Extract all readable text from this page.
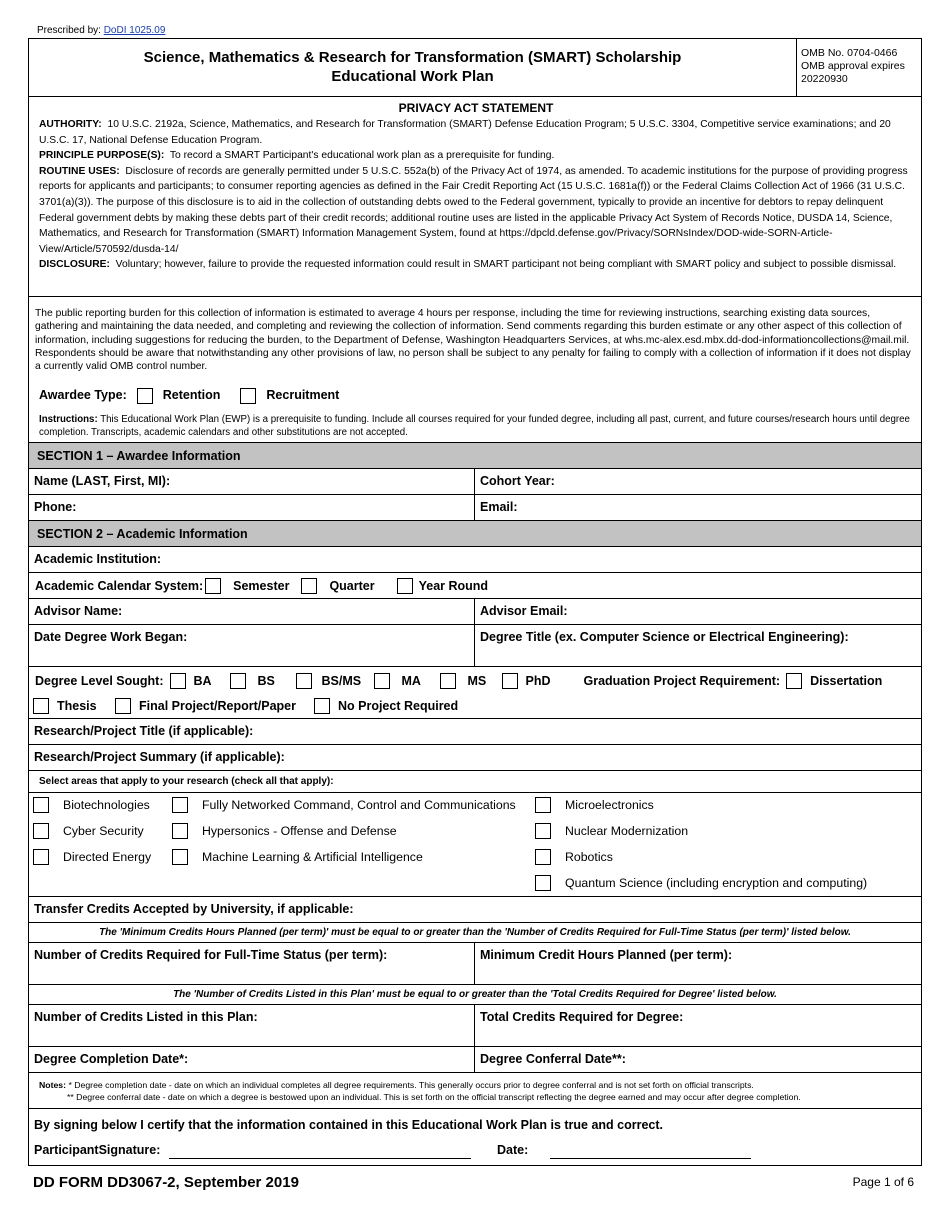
Prescribed by: DoDI 1025.09
Science, Mathematics & Research for Transformation (SMART) Scholarship
Educational Work Plan
OMB No. 0704-0466
OMB approval expires
20220930
PRIVACY ACT STATEMENT
AUTHORITY: 10 U.S.C. 2192a, Science, Mathematics, and Research for Transformation (SMART) Defense Education Program; 5 U.S.C. 3304, Competitive service examinations; and 20 U.S.C. 17, National Defense Education Program.
PRINCIPLE PURPOSE(S): To record a SMART Participant's educational work plan as a prerequisite for funding.
ROUTINE USES: Disclosure of records are generally permitted under 5 U.S.C. 552a(b) of the Privacy Act of 1974, as amended. To academic institutions for the purpose of providing progress reports for applicants and participants; to consumer reporting agencies as defined in the Fair Credit Reporting Act (15 U.S.C. 1681a(f)) or the Federal Claims Collection Act of 1966 (31 U.S.C. 3701(a)(3)). The purpose of this disclosure is to aid in the collection of outstanding debts owed to the Federal government, typically to provide an incentive for debtors to repay delinquent Federal government debts by making these debts part of their credit records; additional routine uses are listed in the applicable Privacy Act System of Records Notice, DUSDA 14, Science, Mathematics, and Research for Transformation (SMART) Information Management System, found at https://dpcld.defense.gov/Privacy/SORNsIndex/DOD-wide-SORN-Article-View/Article/570592/dusda-14/
DISCLOSURE: Voluntary; however, failure to provide the requested information could result in SMART participant not being compliant with SMART policy and subject to possible dismissal.
The public reporting burden for this collection of information is estimated to average 4 hours per response, including the time for reviewing instructions, searching existing data sources, gathering and maintaining the data needed, and completing and reviewing the collection of information. Send comments regarding this burden estimate or any other aspect of this collection of information, including suggestions for reducing the burden, to the Department of Defense, Washington Headquarters Services, at whs.mc-alex.esd.mbx.dd-dod-informationcollections@mail.mil. Respondents should be aware that notwithstanding any other provisions of law, no person shall be subject to any penalty for failing to comply with a collection of information if it does not display a currently valid OMB control number.
Awardee Type:	Retention	Recruitment
Instructions: This Educational Work Plan (EWP) is a prerequisite to funding. Include all courses required for your funded degree, including all past, current, and future courses/research hours until degree completion. Transcripts, academic calendars and other substitutions are not accepted.
SECTION 1 – Awardee Information
Name (LAST, First, MI):	Cohort Year:
Phone:	Email:
SECTION 2 – Academic Information
Academic Institution:
Academic Calendar System: Semester	Quarter	Year Round
Advisor Name:	Advisor Email:
Date Degree Work Began:	Degree Title (ex. Computer Science or Electrical Engineering):
Degree Level Sought: BA	BS	BS/MS	MA	MS	PhD	Graduation Project Requirement: Dissertation
Thesis	Final Project/Report/Paper	No Project Required
Research/Project Title (if applicable):
Research/Project Summary (if applicable):
Select areas that apply to your research (check all that apply):
Biotechnologies	Fully Networked Command, Control and Communications	Microelectronics
Cyber Security	Hypersonics - Offense and Defense	Nuclear Modernization
Directed Energy	Machine Learning & Artificial Intelligence	Robotics
Quantum Science (including encryption and computing)
Transfer Credits Accepted by University, if applicable:
The 'Minimum Credits Hours Planned (per term)' must be equal to or greater than the 'Number of Credits Required for Full-Time Status (per term)' listed below.
Number of Credits Required for Full-Time Status (per term):	Minimum Credit Hours Planned (per term):
The 'Number of Credits Listed in this Plan' must be equal to or greater than the 'Total Credits Required for Degree' listed below.
Number of Credits Listed in this Plan:	Total Credits Required for Degree:
Degree Completion Date*:	Degree Conferral Date**:
Notes: * Degree completion date - date on which an individual completes all degree requirements. This generally occurs prior to degree conferral and is not set forth on official transcripts.
** Degree conferral date - date on which a degree is bestowed upon an individual. This is set forth on the official transcript reflecting the degree earned and may occur after degree completion.
By signing below I certify that the information contained in this Educational Work Plan is true and correct.
ParticipantSignature:	Date:
DD FORM DD3067-2, September 2019	Page 1 of 6
